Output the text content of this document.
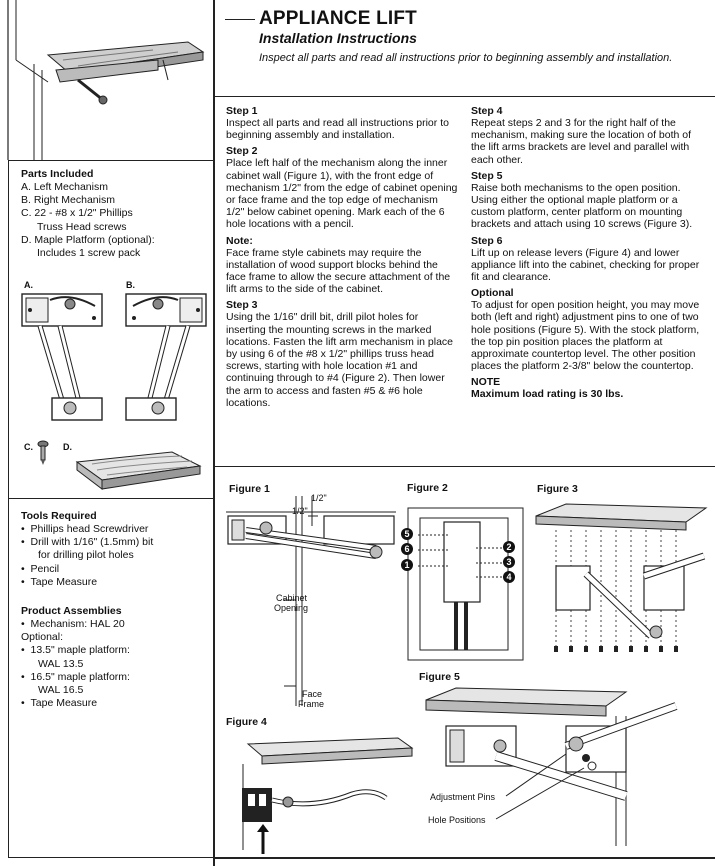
APPLIANCE LIFT
Installation Instructions
Inspect all parts and read all instructions prior to beginning assembly and installation.
Parts Included
A. Left Mechanism
B. Right Mechanism
C. 22 - #8 x 1/2" Phillips
Truss Head screws
D. Maple Platform (optional):
Includes 1 screw pack
A.	B.
C.	D.
Tools Required
•  Phillips head Screwdriver
•  Drill with 1/16" (1.5mm) bit
for drilling pilot holes
•  Pencil
•  Tape Measure
Product Assemblies
•  Mechanism: HAL 20
Optional:
•  13.5" maple platform:
WAL 13.5
•  16.5" maple platform:
WAL 16.5
•  Tape Measure
Step 1
Inspect all parts and read all instructions prior to beginning assembly and installation.
Step 2
Place left half of the mechanism along the inner cabinet wall (Figure 1), with the front edge of mechanism 1/2" from the edge of cabinet opening or face frame and the top edge of mechanism 1/2" below cabinet opening. Mark each of the 6 hole locations with a pencil.
Note:
Face frame style cabinets may require the installation of wood support blocks behind the face frame to allow the secure attachment of the lift arms to the side of the cabinet.
Step 3
Using the 1/16" drill bit, drill pilot holes for inserting the mounting screws in the marked locations. Fasten the lift arm mechanism in place by using 6 of the #8 x 1/2" phillips truss head screws, starting with hole location #1 and continuing through to #4 (Figure 2). Then lower the arm to access and fasten #5 & #6 hole locations.
Step 4
Repeat steps 2 and 3 for the right half of the mechanism, making sure the location of both of the lift arms brackets are level and parallel with each other.
Step 5
Raise both mechanisms to the open position. Using either the optional maple platform or a custom platform, center platform on mounting brackets and attach using 10 screws (Figure 3).
Step 6
Lift up on release levers (Figure 4) and lower appliance lift into the cabinet, checking for proper fit and clearance.
Optional
To adjust for open position height, you may move both (left and right) adjustment pins to one of two hole positions (Figure 5). With the stock platform, the top pin position places the platform at approximate countertop level. The other position places the platform 2-3/8" below the countertop.
NOTE
Maximum load rating is 30 lbs.
Figure 1
1/2"
1/2"
Cabinet
Opening
Face
Frame
Figure 2
5
6
1
2
3
4
Figure 3
Figure 4
Figure 5
Adjustment Pins
Hole Positions
